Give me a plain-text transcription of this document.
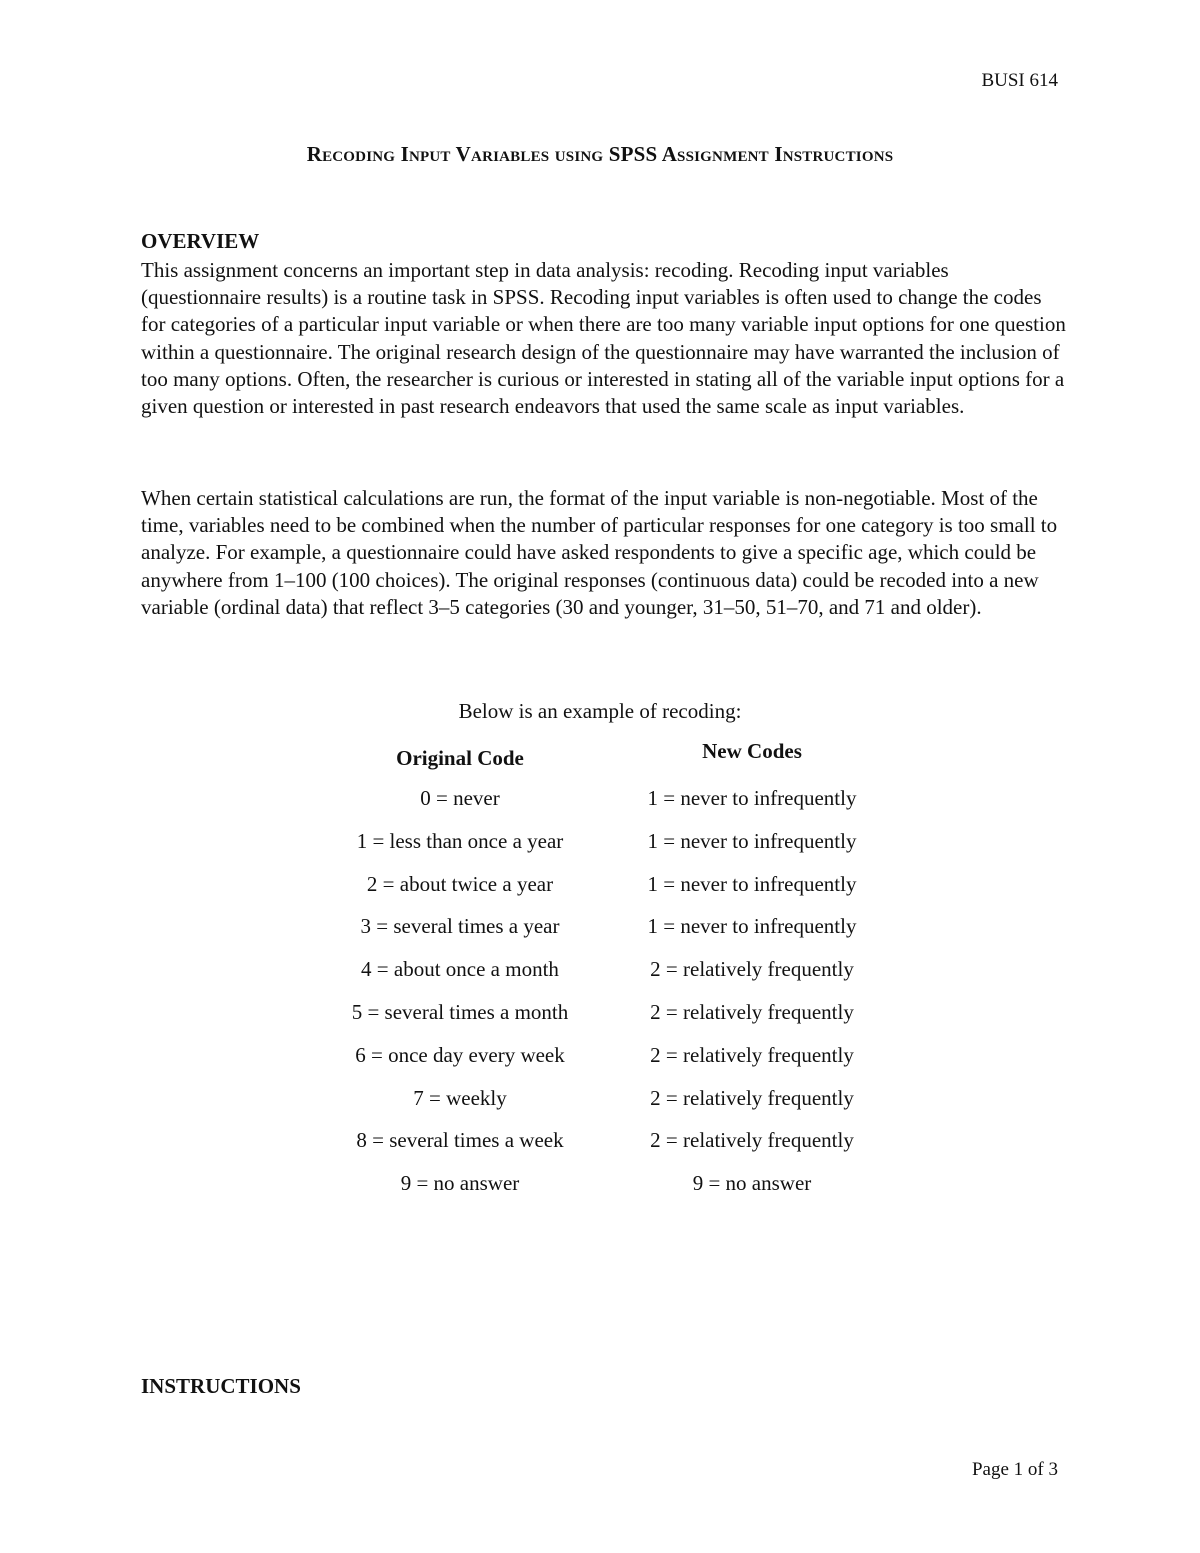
BUSI 614
Recoding Input Variables using SPSS Assignment Instructions
OVERVIEW

This assignment concerns an important step in data analysis: recoding. Recoding input variables (questionnaire results) is a routine task in SPSS. Recoding input variables is often used to change the codes for categories of a particular input variable or when there are too many variable input options for one question within a questionnaire. The original research design of the questionnaire may have warranted the inclusion of too many options. Often, the researcher is curious or interested in stating all of the variable input options for a given question or interested in past research endeavors that used the same scale as input variables.

When certain statistical calculations are run, the format of the input variable is non-negotiable. Most of the time, variables need to be combined when the number of particular responses for one category is too small to analyze. For example, a questionnaire could have asked respondents to give a specific age, which could be anywhere from 1–100 (100 choices). The original responses (continuous data) could be recoded into a new variable (ordinal data) that reflect 3–5 categories (30 and younger, 31–50, 51–70, and 71 and older).

Below is an example of recoding:
Original Code	New Codes
0 = never	1 = never to infrequently
1 = less than once a year	1 = never to infrequently
2 = about twice a year	1 = never to infrequently
3 = several times a year	1 = never to infrequently
4 = about once a month	2 = relatively frequently
5 = several times a month	2 = relatively frequently
6 = once day every week	2 = relatively frequently
7 = weekly	2 = relatively frequently
8 = several times a week	2 = relatively frequently
9 = no answer	9 = no answer
INSTRUCTIONS
Page 1 of 3
